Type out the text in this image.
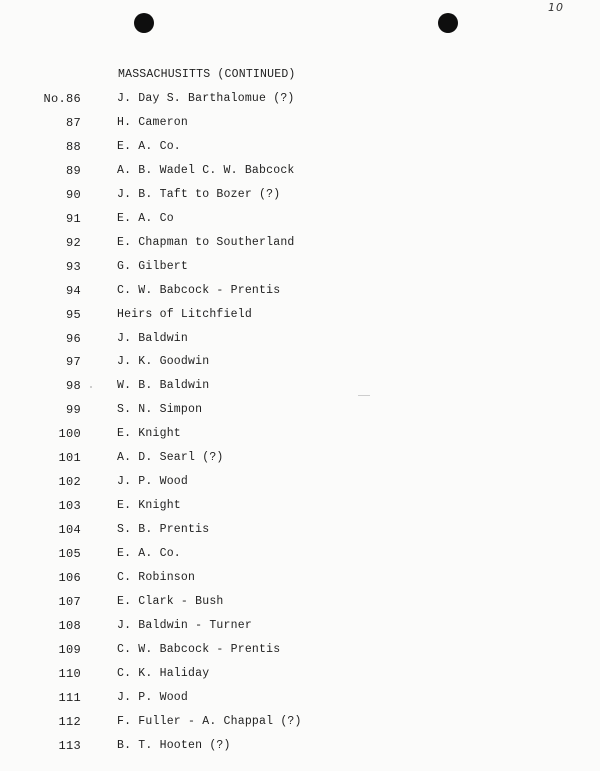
10
MASSACHUSITTS (CONTINUED)
No.86	J. Day S. Barthalomue (?)
87	H. Cameron
88	E. A. Co.
89	A. B. Wadel C. W. Babcock
90	J. B. Taft to Bozer (?)
91	E. A. Co
92	E. Chapman to Southerland
93	G. Gilbert
94	C. W. Babcock - Prentis
95	Heirs of Litchfield
96	J. Baldwin
97	J. K. Goodwin
98	W. B. Baldwin
99	S. N. Simpon
100	E. Knight
101	A. D. Searl (?)
102	J. P. Wood
103	E. Knight
104	S. B. Prentis
105	E. A. Co.
106	C. Robinson
107	E. Clark - Bush
108	J. Baldwin - Turner
109	C. W. Babcock - Prentis
110	C. K. Haliday
111	J. P. Wood
112	F. Fuller - A. Chappal (?)
113	B. T. Hooten (?)
